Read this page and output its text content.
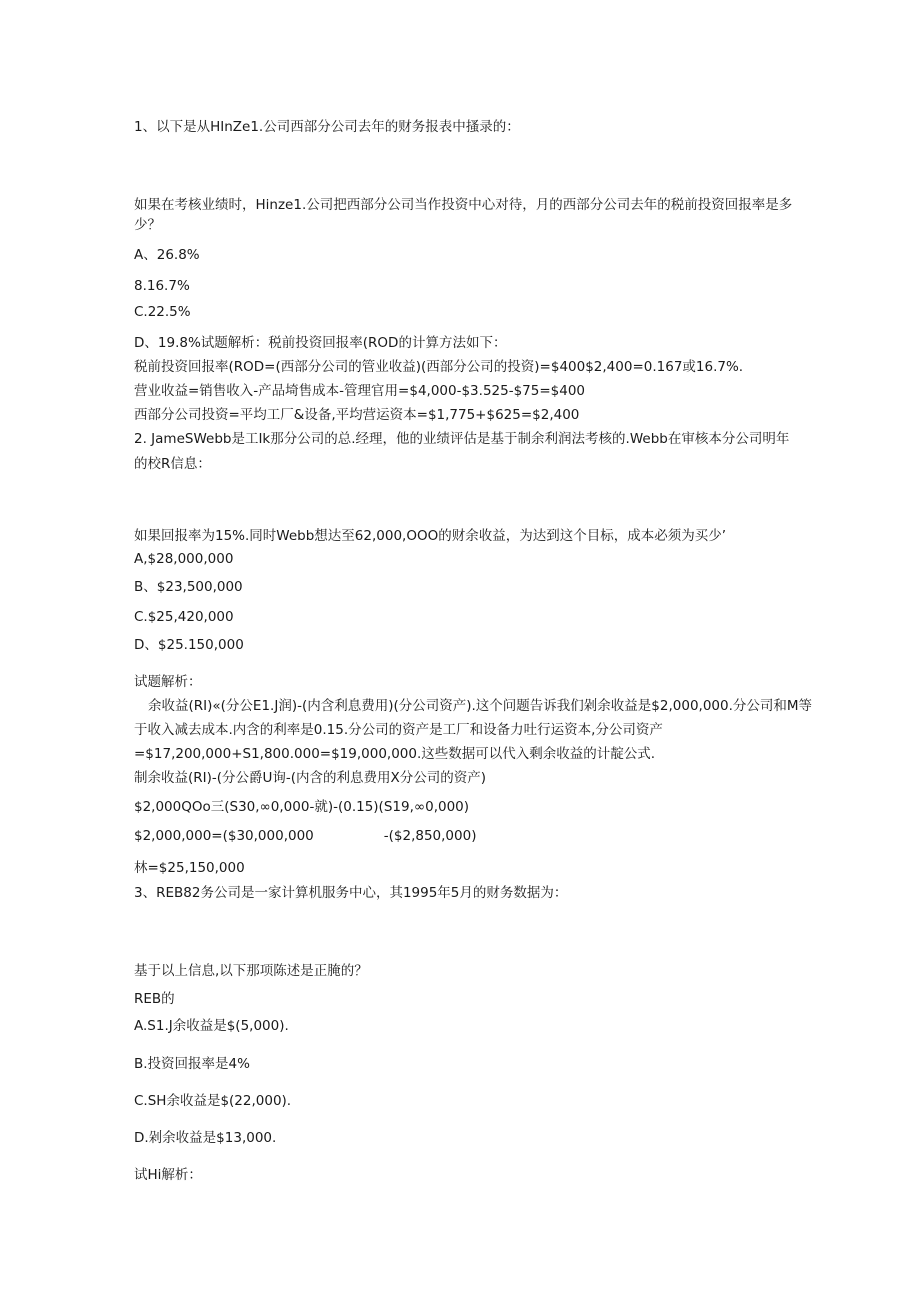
1、以下是从HInZe1.公司西部分公司去年的财务报表中搔录的：
如果在考核业绩时，Hinze1.公司把西部分公司当作投资中心对待，月的西部分公司去年的税前投资回报率是多
少？
A、26.8%
8.16.7%
C.22.5%
D、19.8%试题解析：税前投资回报率(ROD的计算方法如下：
税前投资回报率(ROD=(西部分公司的管业收益)(西部分公司的投资)=$400$2,400=0.167或16.7%.
营业收益=销售收入-产品埼售成本-管理官用=$4,000-$3.525-$75=$400
西部分公司投资=平均工厂&设备,平均营运资本=$1,775+$625=$2,400
2. JameSWebb是工Ik那分公司的总.经理，他的业绩评估是基于制余利润法考核的.Webb在审核本分公司明年
的校R信息：
如果回报率为15%.同时Webb想达至62,000,OOO的财余收益，为达到这个目标，成本必须为买少’
A,$28,000,000
B、$23,500,000
C.$25,420,000
D、$25.150,000
试题解析：
余收益(RI)«(分公E1.J润)-(内含利息费用)(分公司资产).这个问题告诉我们剁余收益是$2,000,000.分公司和M等
于收入减去成本.内含的利率是0.15.分公司的资产是工厂和设备力吐行运资本,分公司资产
=$17,200,000+S1,800.000=$19,000,000.这些数据可以代入剩余收益的计靛公式.
制余收益(RI)-(分公爵U询-(内含的利息费用X分公司的资产)
$2,000QOo三(S30,∞0,000-就)-(0.15)(S19,∞0,000)
$2,000,000=($30,000,000	-($2,850,000)
林=$25,150,000
3、REB82务公司是一家计算机服务中心，其1995年5月的财务数据为：
基于以上信息,以下那项陈述是正腌的？
REB的
A.S1.J余收益是$(5,000).
B.投资回报率是4%
C.SH余收益是$(22,000).
D.剁余收益是$13,000.
试Hi解析：
